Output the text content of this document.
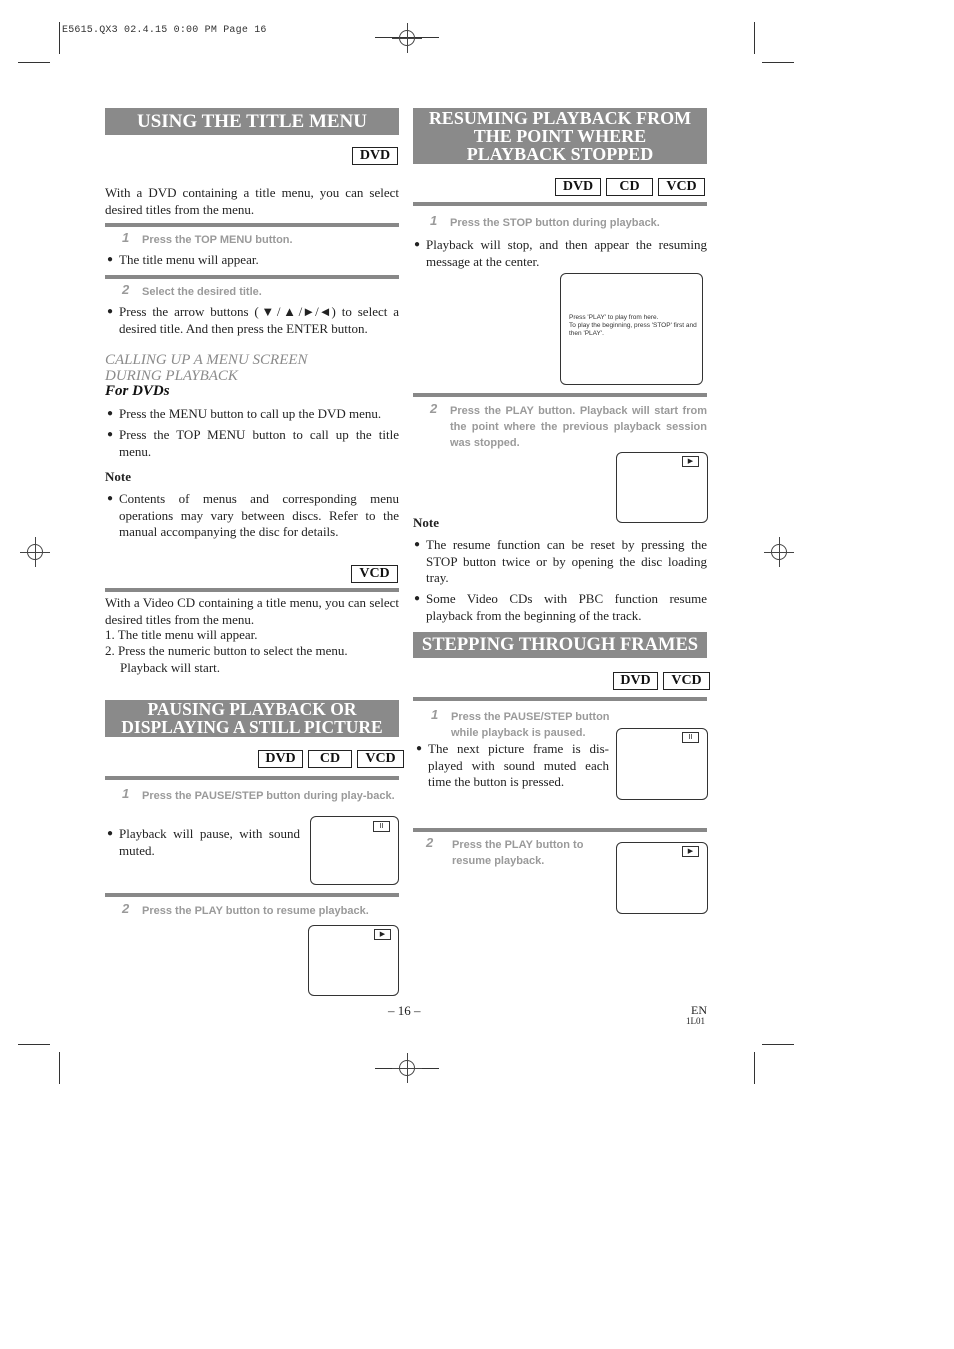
E5615.QX3 02.4.15 0:00 PM Page 16
USING THE TITLE MENU
DVD
With a DVD containing a title menu, you can select desired titles from the menu.
1 Press the TOP MENU button.
● The title menu will appear.
2 Select the desired title.
● Press the arrow buttons (▼/▲/►/◄) to select a desired title. And then press the ENTER button.
CALLING UP A MENU SCREEN DURING PLAYBACK
For DVDs
● Press the MENU button to call up the DVD menu.
● Press the TOP MENU button to call up the title menu.
Note
● Contents of menus and corresponding menu operations may vary between discs. Refer to the manual accompanying the disc for details.
VCD
With a Video CD containing a title menu, you can select desired titles from the menu.
1. The title menu will appear.
2. Press the numeric button to select the menu.
Playback will start.
PAUSING PLAYBACK OR
DISPLAYING A STILL PICTURE
DVD	CD	VCD
1 Press the PAUSE/STEP button during play-back.
● Playback will pause, with sound muted.
II
2 Press the PLAY button to resume playback.
▶
RESUMING PLAYBACK FROM
THE POINT WHERE
PLAYBACK STOPPED
DVD	CD	VCD
1 Press the STOP button during playback.
● Playback will stop, and then appear the resuming message at the center.
Press 'PLAY' to play from here.
To play the beginning, press 'STOP' first and then 'PLAY'.
2 Press the PLAY button. Playback will start from the point where the previous playback session was stopped.
▶
Note
● The resume function can be reset by pressing the STOP button twice or by opening the disc loading tray.
● Some Video CDs with PBC function resume playback from the beginning of the track.
STEPPING THROUGH FRAMES
DVD	VCD
1 Press the PAUSE/STEP button while playback is paused.
● The next picture frame is dis-played with sound muted each time the button is pressed.
II
2 Press the PLAY button to resume playback.
▶
– 16 –	EN
1L01
